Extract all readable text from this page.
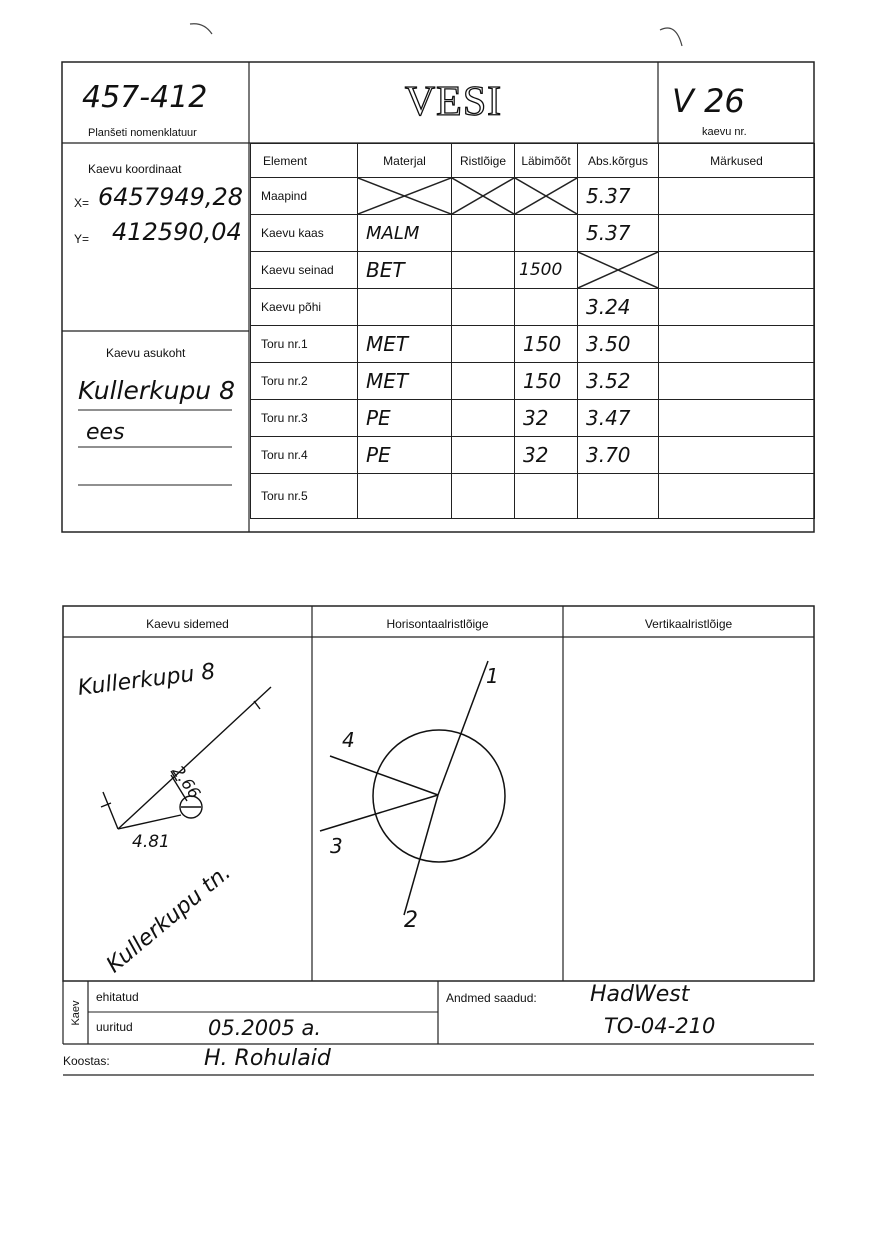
457-412
Planšeti nomenklatuur
VESI	V 26
kaevu nr.
Kaevu koordinaat
X= 6457949,28
Y= 412590,04
Kaevu asukoht
Kullerkupu 8
ees
Element	Materjal	Ristlõige	Läbimõõt	Abs.kõrgus	Märkused
Maapind				5.37	
Kaevu kaas	MALM			5.37	
Kaevu seinad	BET		1500	

Kaevu põhi				3.24	
Toru nr.1	MET		150	3.50	
Toru nr.2	MET		150	3.52	
Toru nr.3	PE		32	3.47	
Toru nr.4	PE		32	3.70	
Toru nr.5					
Kaevu sidemed	Horisontaalristlõige	Vertikaalristlõige
Kullerkupu 8
2.66
4.81
Kullerkupu tn.
1
2
3
4
Kaev
ehitatud
uuritud	05.2005 a.
Andmed saadud: HadWest
TO-04-210
Koostas:	H. Rohulaid
